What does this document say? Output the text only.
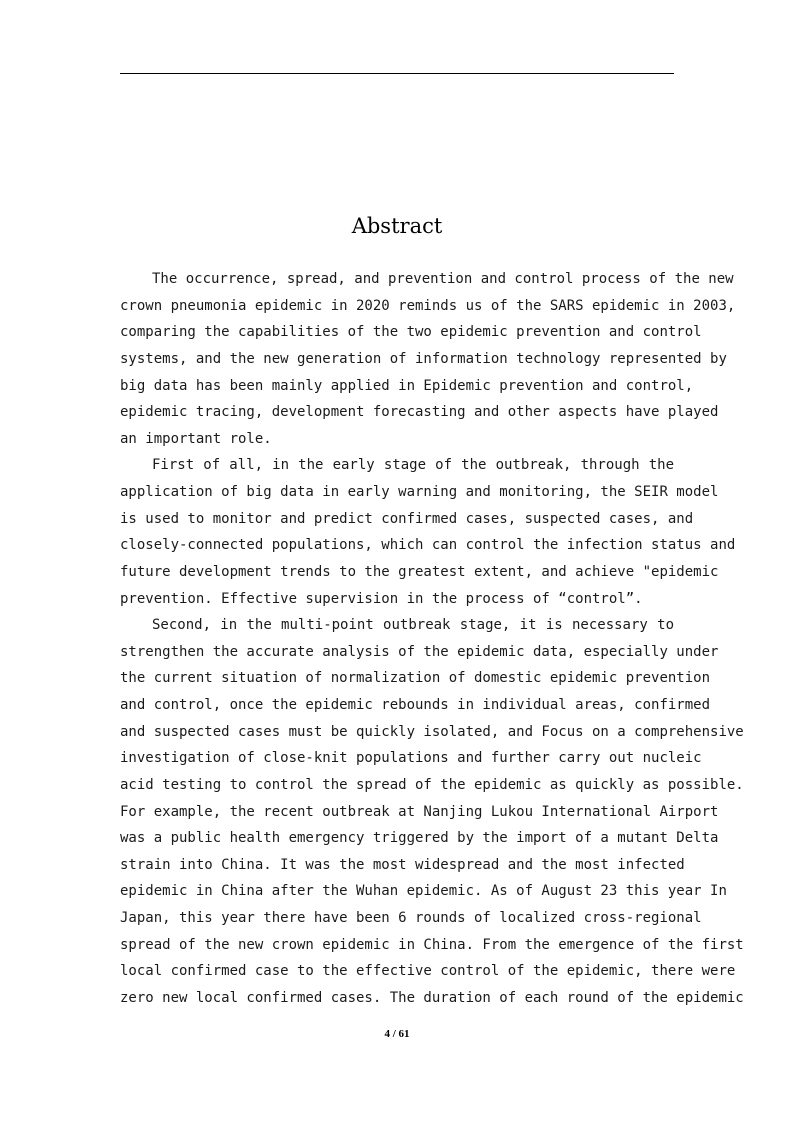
Abstract
The occurrence, spread, and prevention and control process of the new
crown pneumonia epidemic in 2020 reminds us of the SARS epidemic in 2003,
comparing the capabilities of the two epidemic prevention and control
systems, and the new generation of information technology represented by
big data has been mainly applied in Epidemic prevention and control,
epidemic tracing, development forecasting and other aspects have played
an important role.
First of all, in the early stage of the outbreak, through the
application of big data in early warning and monitoring, the SEIR model
is used to monitor and predict confirmed cases, suspected cases, and
closely-connected populations, which can control the infection status and
future development trends to the greatest extent, and achieve "epidemic
prevention. Effective supervision in the process of “control”.
Second, in the multi-point outbreak stage, it is necessary to
strengthen the accurate analysis of the epidemic data, especially under
the current situation of normalization of domestic epidemic prevention
and control, once the epidemic rebounds in individual areas, confirmed
and suspected cases must be quickly isolated, and Focus on a comprehensive
investigation of close-knit populations and further carry out nucleic
acid testing to control the spread of the epidemic as quickly as possible.
For example, the recent outbreak at Nanjing Lukou International Airport
was a public health emergency triggered by the import of a mutant Delta
strain into China. It was the most widespread and the most infected
epidemic in China after the Wuhan epidemic. As of August 23 this year In
Japan, this year there have been 6 rounds of localized cross-regional
spread of the new crown epidemic in China. From the emergence of the first
local confirmed case to the effective control of the epidemic, there were
zero new local confirmed cases. The duration of each round of the epidemic
4 / 61
